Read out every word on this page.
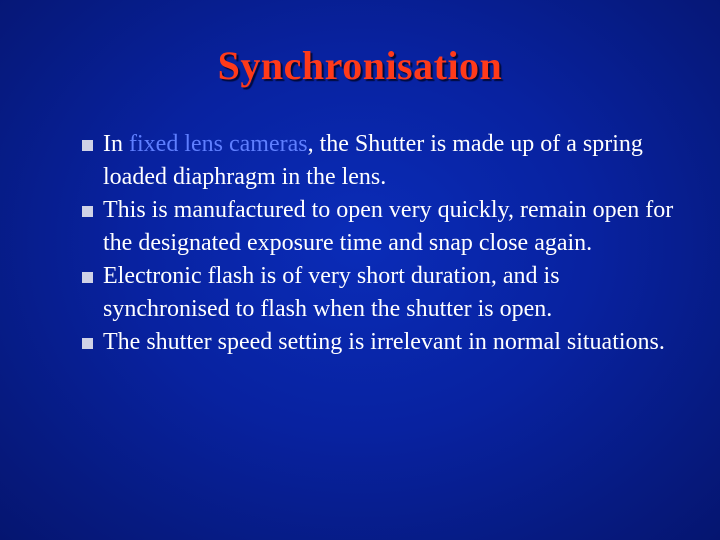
Synchronisation
In fixed lens cameras, the Shutter is made up of a spring loaded diaphragm in the lens.
This is manufactured to open very quickly, remain open for the designated exposure time and snap close again.
Electronic flash is of very short duration, and is synchronised to flash when the shutter is open.
The shutter speed setting is irrelevant in normal situations.
